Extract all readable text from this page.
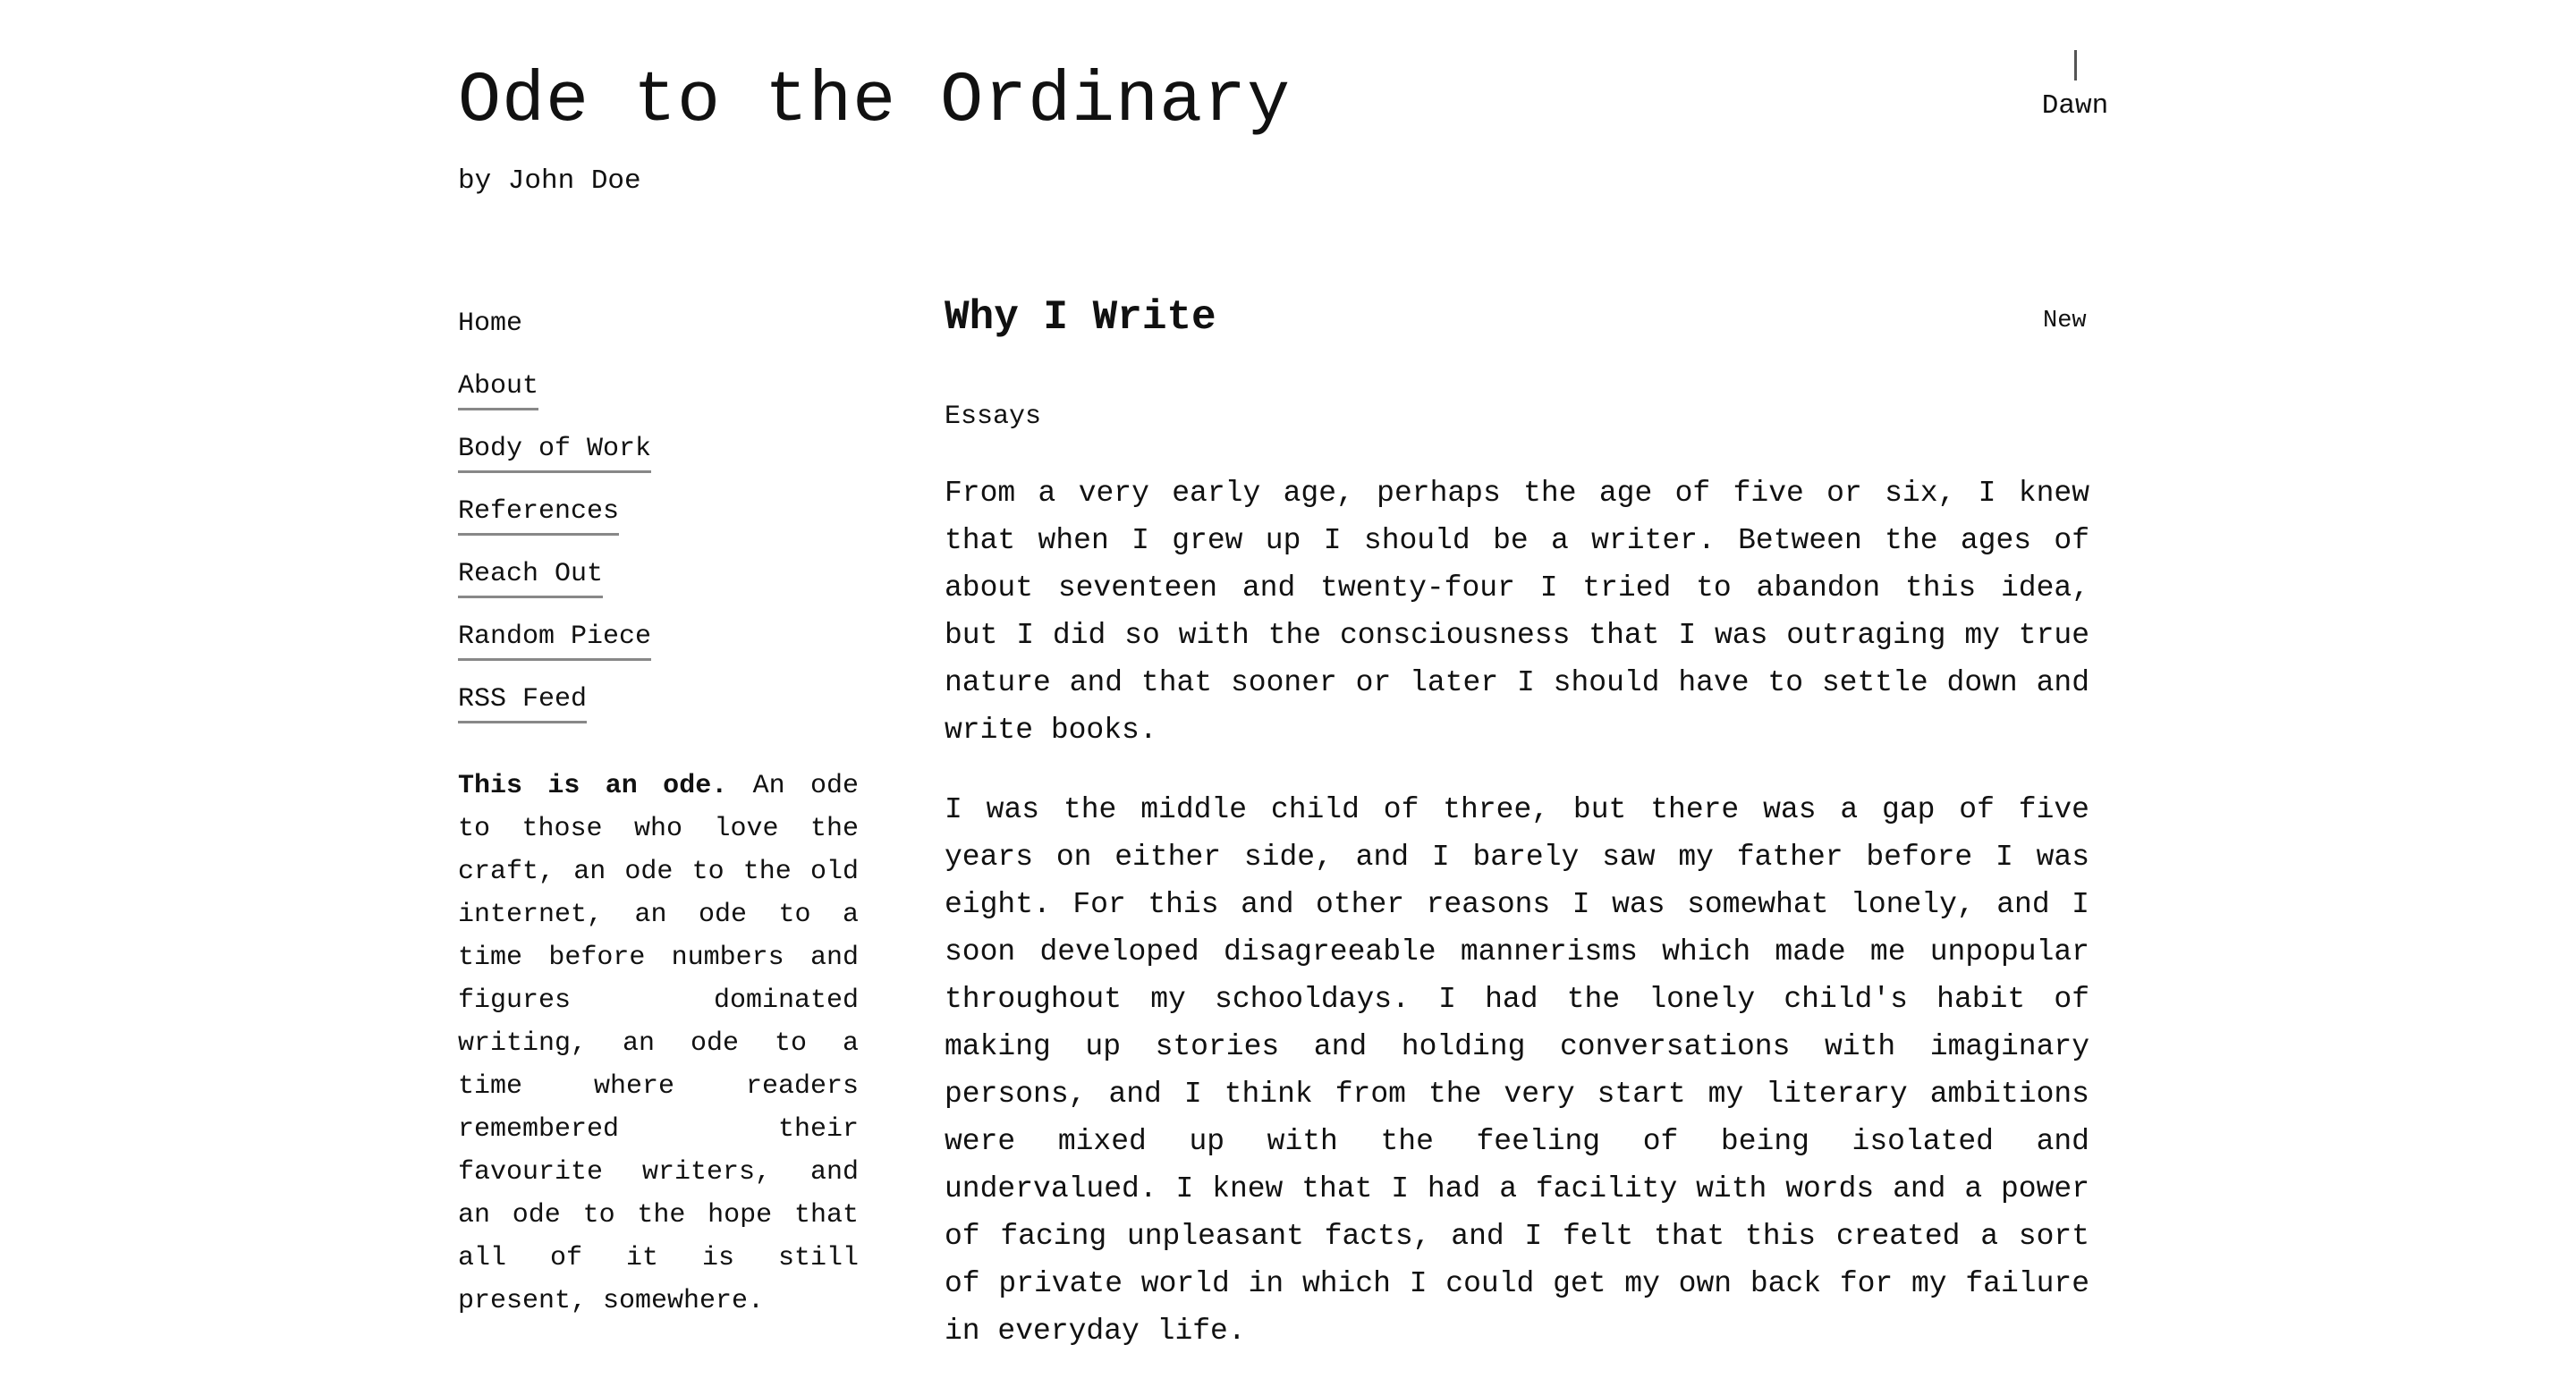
Ode to the Ordinary
by John Doe
Dawn
Home
About
Body of Work
References
Reach Out
Random Piece
RSS Feed

This is an ode. An ode to those who love the craft, an ode to the old internet, an ode to a time before numbers and figures dominated writing, an ode to a time where readers remembered their favourite writers, and an ode to the hope that all of it is still present, somewhere.

Why I Write	New
Essays

From a very early age, perhaps the age of five or six, I knew that when I grew up I should be a writer. Between the ages of about seventeen and twenty-four I tried to abandon this idea, but I did so with the consciousness that I was outraging my true nature and that sooner or later I should have to settle down and write books.

I was the middle child of three, but there was a gap of five years on either side, and I barely saw my father before I was eight. For this and other reasons I was somewhat lonely, and I soon developed disagreeable mannerisms which made me unpopular throughout my schooldays. I had the lonely child's habit of making up stories and holding conversations with imaginary persons, and I think from the very start my literary ambitions were mixed up with the feeling of being isolated and undervalued. I knew that I had a facility with words and a power of facing unpleasant facts, and I felt that this created a sort of private world in which I could get my own back for my failure in everyday life.
